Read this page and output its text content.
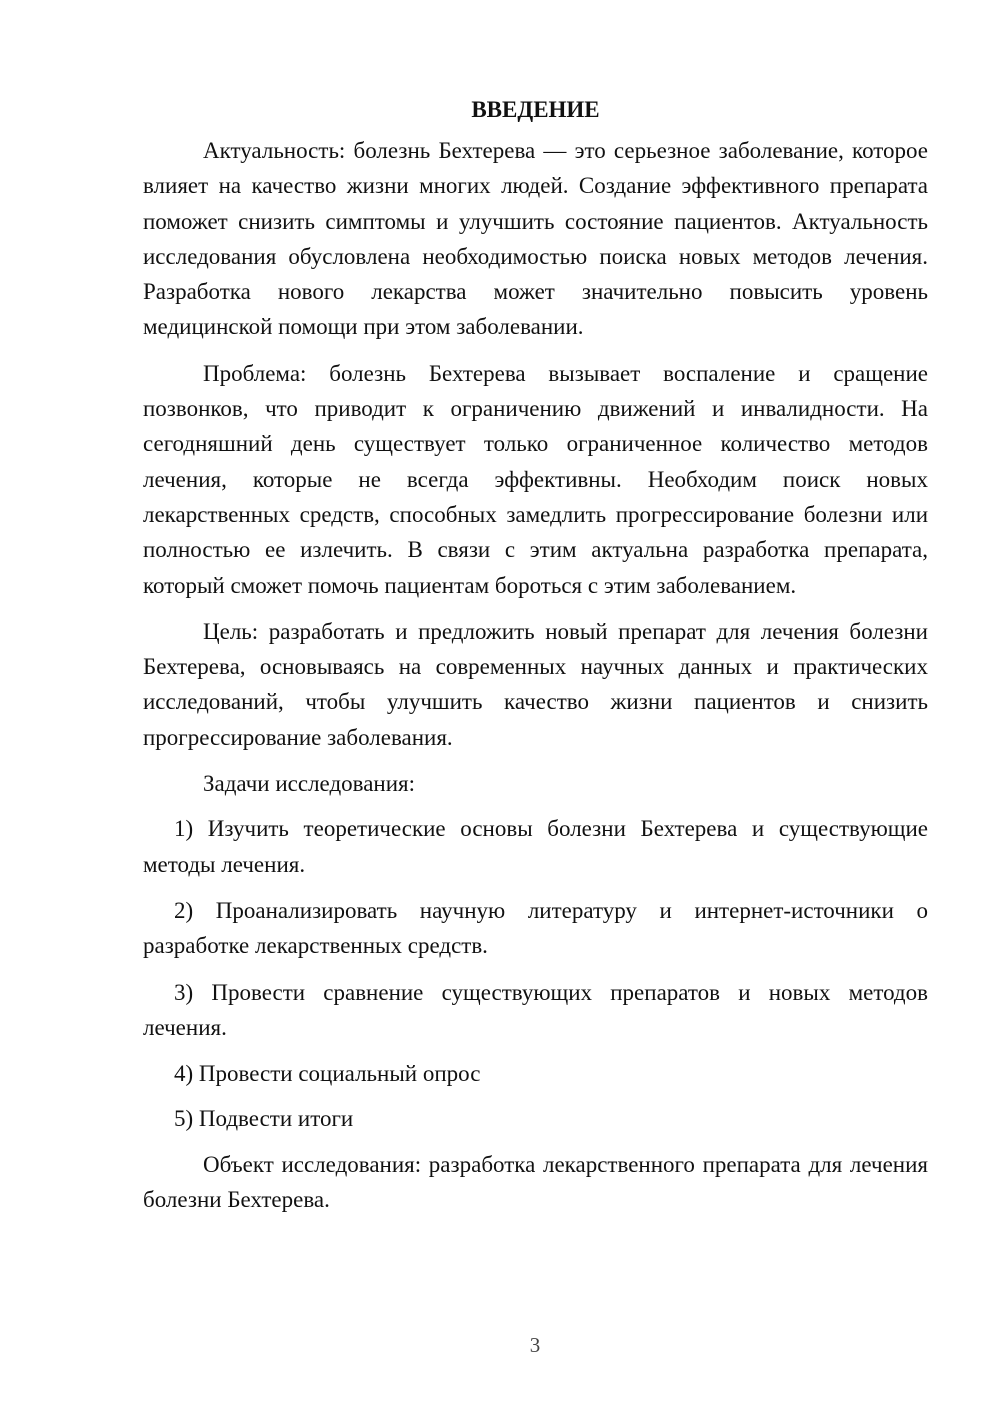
ВВЕДЕНИЕ

Актуальность: болезнь Бехтерева — это серьезное заболевание, которое влияет на качество жизни многих людей. Создание эффективного препарата поможет снизить симптомы и улучшить состояние пациентов. Актуальность исследования обусловлена необходимостью поиска новых методов лечения. Разработка нового лекарства может значительно повысить уровень медицинской помощи при этом заболевании.

Проблема: болезнь Бехтерева вызывает воспаление и сращение позвонков, что приводит к ограничению движений и инвалидности. На сегодняшний день существует только ограниченное количество методов лечения, которые не всегда эффективны. Необходим поиск новых лекарственных средств, способных замедлить прогрессирование болезни или полностью ее излечить. В связи с этим актуальна разработка препарата, который сможет помочь пациентам бороться с этим заболеванием.

Цель: разработать и предложить новый препарат для лечения болезни Бехтерева, основываясь на современных научных данных и практических исследований, чтобы улучшить качество жизни пациентов и снизить прогрессирование заболевания.

Задачи исследования:

1) Изучить теоретические основы болезни Бехтерева и существующие методы лечения.

2) Проанализировать научную литературу и интернет-источники о разработке лекарственных средств.

3) Провести сравнение существующих препаратов и новых методов лечения.

4) Провести социальный опрос

5) Подвести итоги

Объект исследования: разработка лекарственного препарата для лечения болезни Бехтерева.

3
